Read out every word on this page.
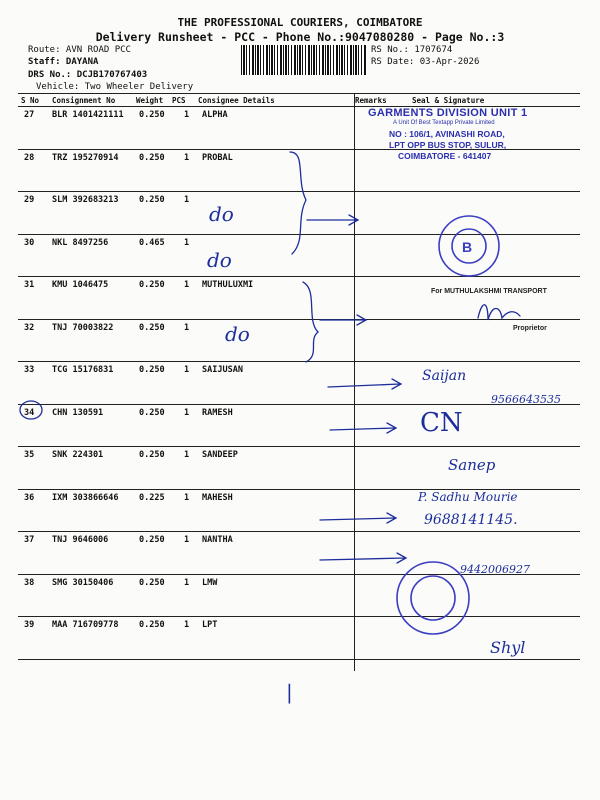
THE PROFESSIONAL COURIERS, COIMBATORE
Delivery Runsheet - PCC - Phone No.:9047080280 - Page No.:3
Route: AVN ROAD PCC
Staff: DAYANA
DRS No.: DCJB170767403
Vehicle: Two Wheeler Delivery
RS No.: 1707674
RS Date: 03-Apr-2026
S No Consignment No	Weight PCS Consignee Details	Remarks	Seal & Signature
27 BLR 1401421111 0.250 1 ALPHA
28 TRZ 195270914 0.250 1 PROBAL
29 SLM 392683213 0.250 1
30 NKL 8497256	0.465 1
31 KMU 1046475	0.250 1 MUTHULUXMI
32 TNJ 70003822	0.250 1
33 TCG 15176831	0.250 1 SAIJUSAN
34 CHN 130591	0.250 1 RAMESH
35 SNK 224301	0.250 1 SANDEEP
36 IXM 303866646 0.225 1 MAHESH
37 TNJ 9646006	0.250 1 NANTHA
38 SMG 30150406	0.250 1 LMW
39 MAA 716709778 0.250 1 LPT
B
GARMENTS DIVISION UNIT 1
A Unit Of Best Textapp Private Limited
NO : 106/1, AVINASHI ROAD,
LPT OPP BUS STOP, SULUR,
COIMBATORE - 641407
For MUTHULAKSHMI TRANSPORT
Proprietor
do
do
do
Saijan
9566643535
CN
Sanep
P. Sadhu Mourie
9688141145.
9442006927
Shyl
|
